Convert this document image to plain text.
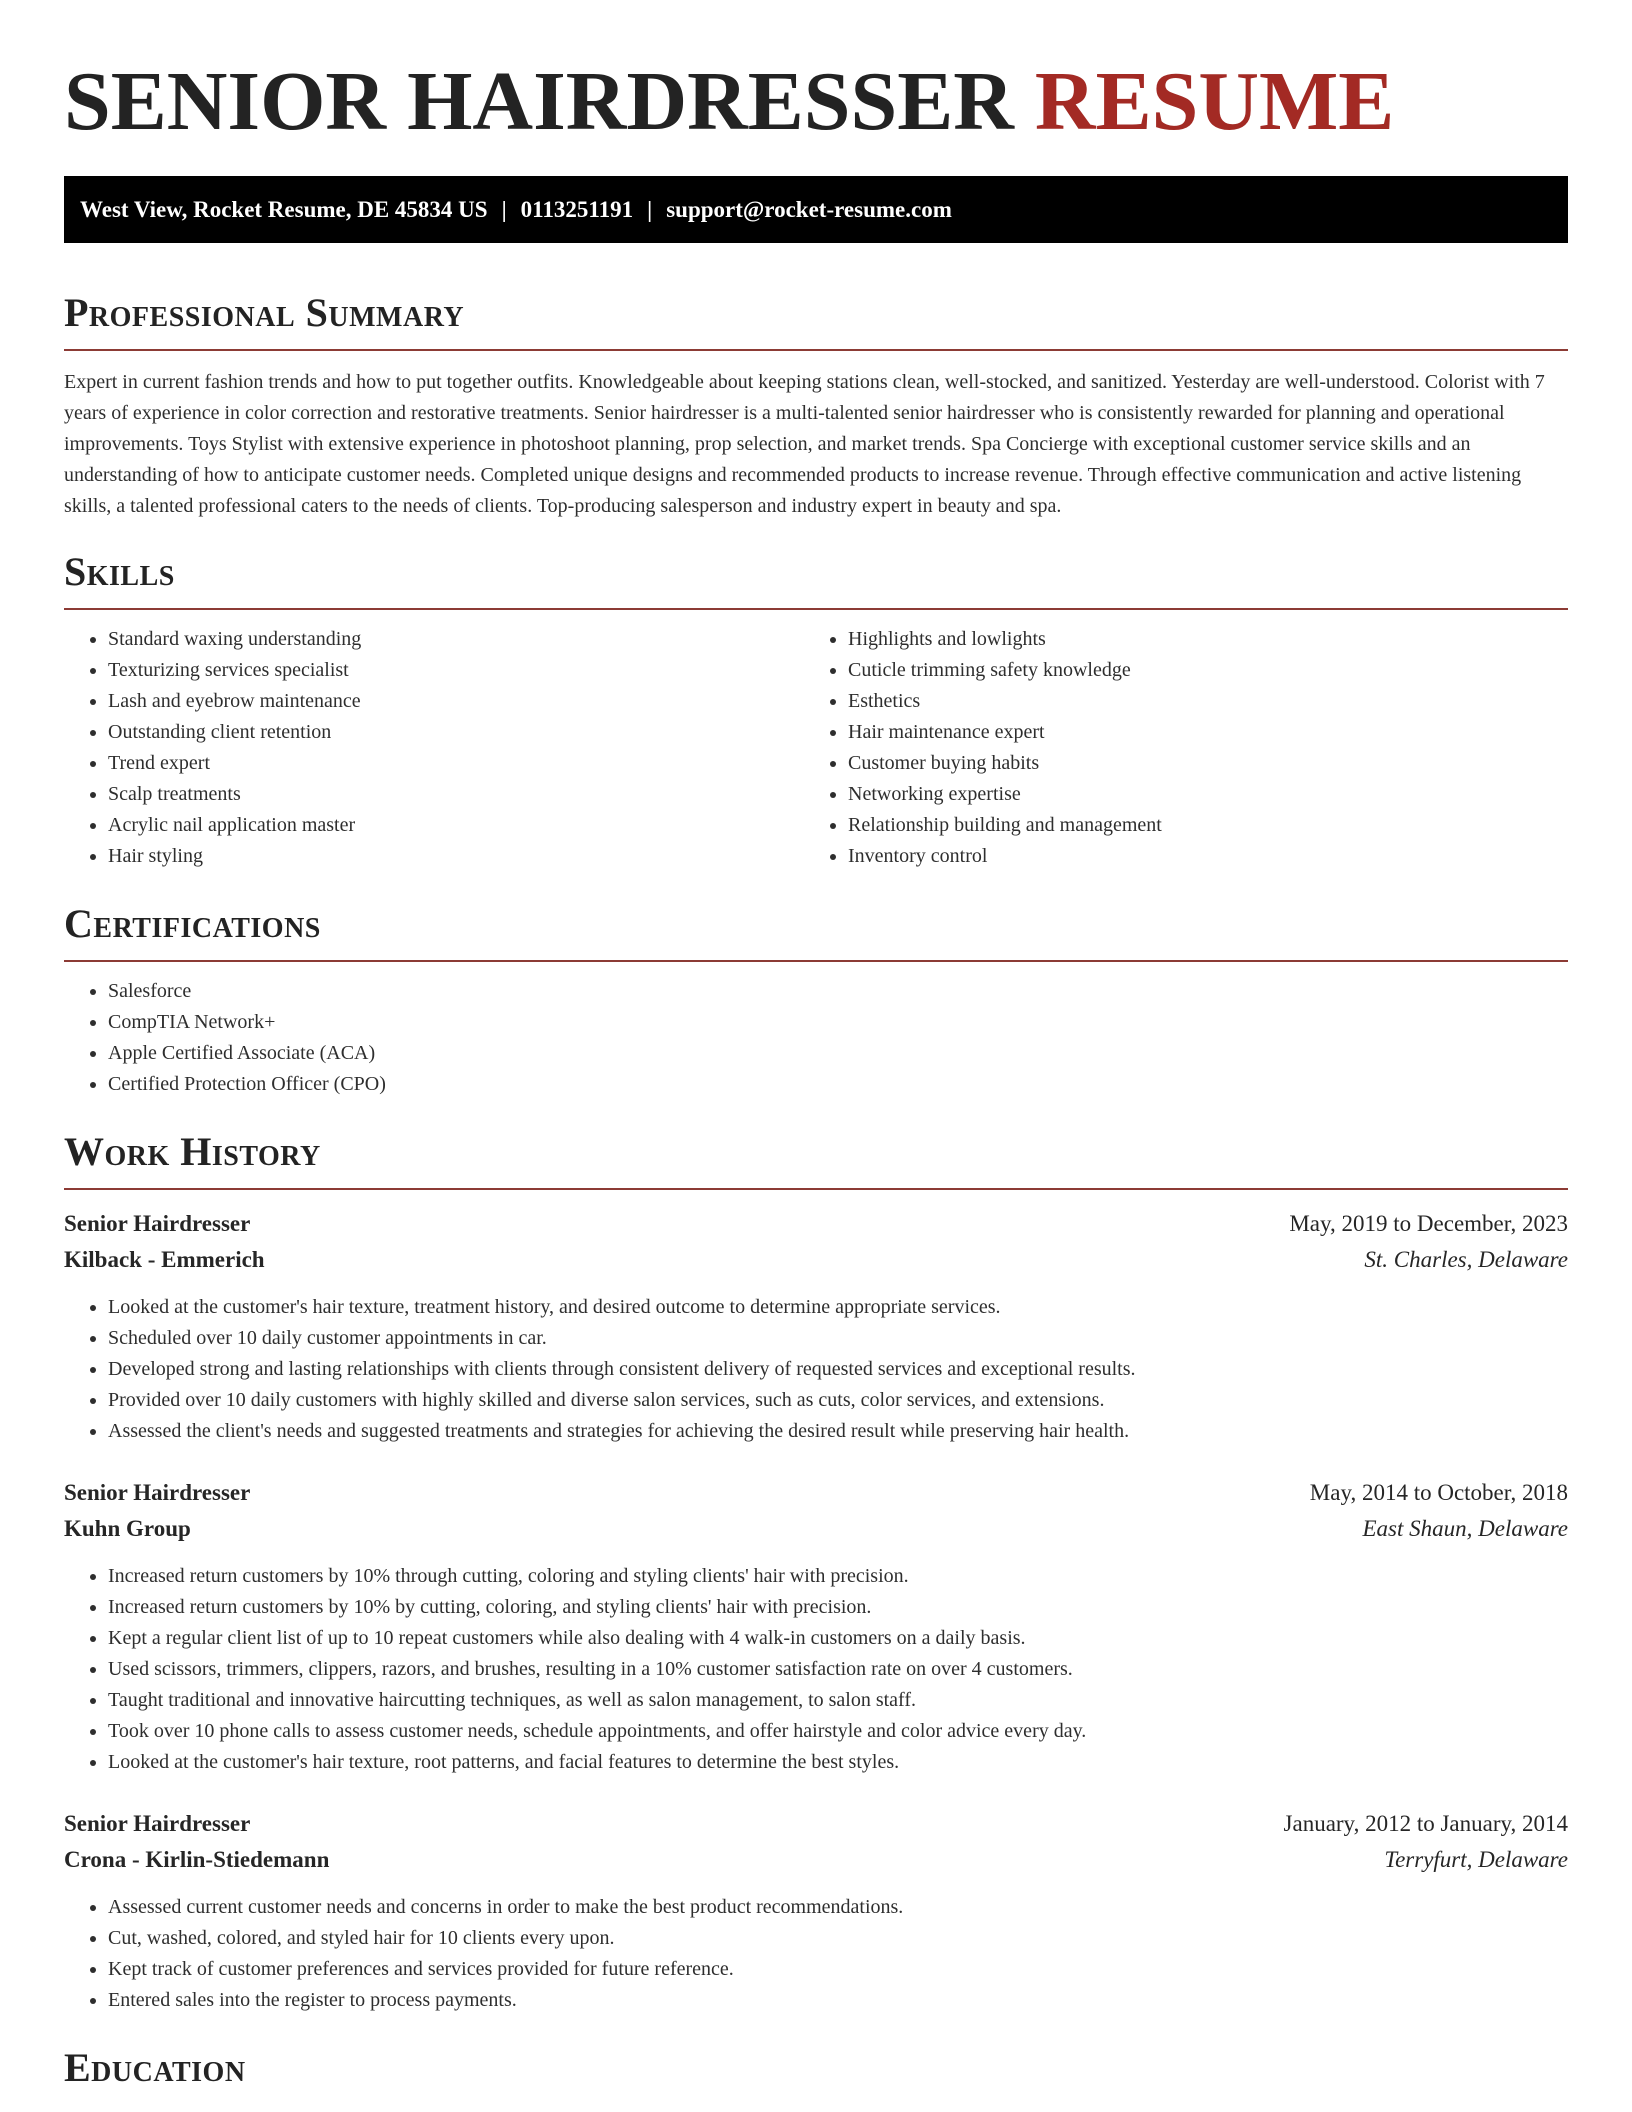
SENIOR HAIRDRESSER RESUME
West View, Rocket Resume, DE 45834 US | 0113251191 | support@rocket-resume.com
Professional Summary

Expert in current fashion trends and how to put together outfits. Knowledgeable about keeping stations clean, well-stocked, and sanitized. Yesterday are well-understood. Colorist with 7 years of experience in color correction and restorative treatments. Senior hairdresser is a multi-talented senior hairdresser who is consistently rewarded for planning and operational improvements. Toys Stylist with extensive experience in photoshoot planning, prop selection, and market trends. Spa Concierge with exceptional customer service skills and an understanding of how to anticipate customer needs. Completed unique designs and recommended products to increase revenue. Through effective communication and active listening skills, a talented professional caters to the needs of clients. Top-producing salesperson and industry expert in beauty and spa.

Skills
• Standard waxing understanding
• Texturizing services specialist
• Lash and eyebrow maintenance
• Outstanding client retention
• Trend expert
• Scalp treatments
• Acrylic nail application master
• Hair styling
• Highlights and lowlights
• Cuticle trimming safety knowledge
• Esthetics
• Hair maintenance expert
• Customer buying habits
• Networking expertise
• Relationship building and management
• Inventory control
Certifications
• Salesforce
• CompTIA Network+
• Apple Certified Associate (ACA)
• Certified Protection Officer (CPO)
Work History
Senior Hairdresser	May, 2019 to December, 2023
Kilback - Emmerich	St. Charles, Delaware
• Looked at the customer's hair texture, treatment history, and desired outcome to determine appropriate services.
• Scheduled over 10 daily customer appointments in car.
• Developed strong and lasting relationships with clients through consistent delivery of requested services and exceptional results.
• Provided over 10 daily customers with highly skilled and diverse salon services, such as cuts, color services, and extensions.
• Assessed the client's needs and suggested treatments and strategies for achieving the desired result while preserving hair health.
Senior Hairdresser	May, 2014 to October, 2018
Kuhn Group	East Shaun, Delaware
• Increased return customers by 10% through cutting, coloring and styling clients' hair with precision.
• Increased return customers by 10% by cutting, coloring, and styling clients' hair with precision.
• Kept a regular client list of up to 10 repeat customers while also dealing with 4 walk-in customers on a daily basis.
• Used scissors, trimmers, clippers, razors, and brushes, resulting in a 10% customer satisfaction rate on over 4 customers.
• Taught traditional and innovative haircutting techniques, as well as salon management, to salon staff.
• Took over 10 phone calls to assess customer needs, schedule appointments, and offer hairstyle and color advice every day.
• Looked at the customer's hair texture, root patterns, and facial features to determine the best styles.
Senior Hairdresser	January, 2012 to January, 2014
Crona - Kirlin-Stiedemann	Terryfurt, Delaware
• Assessed current customer needs and concerns in order to make the best product recommendations.
• Cut, washed, colored, and styled hair for 10 clients every upon.
• Kept track of customer preferences and services provided for future reference.
• Entered sales into the register to process payments.
Education
